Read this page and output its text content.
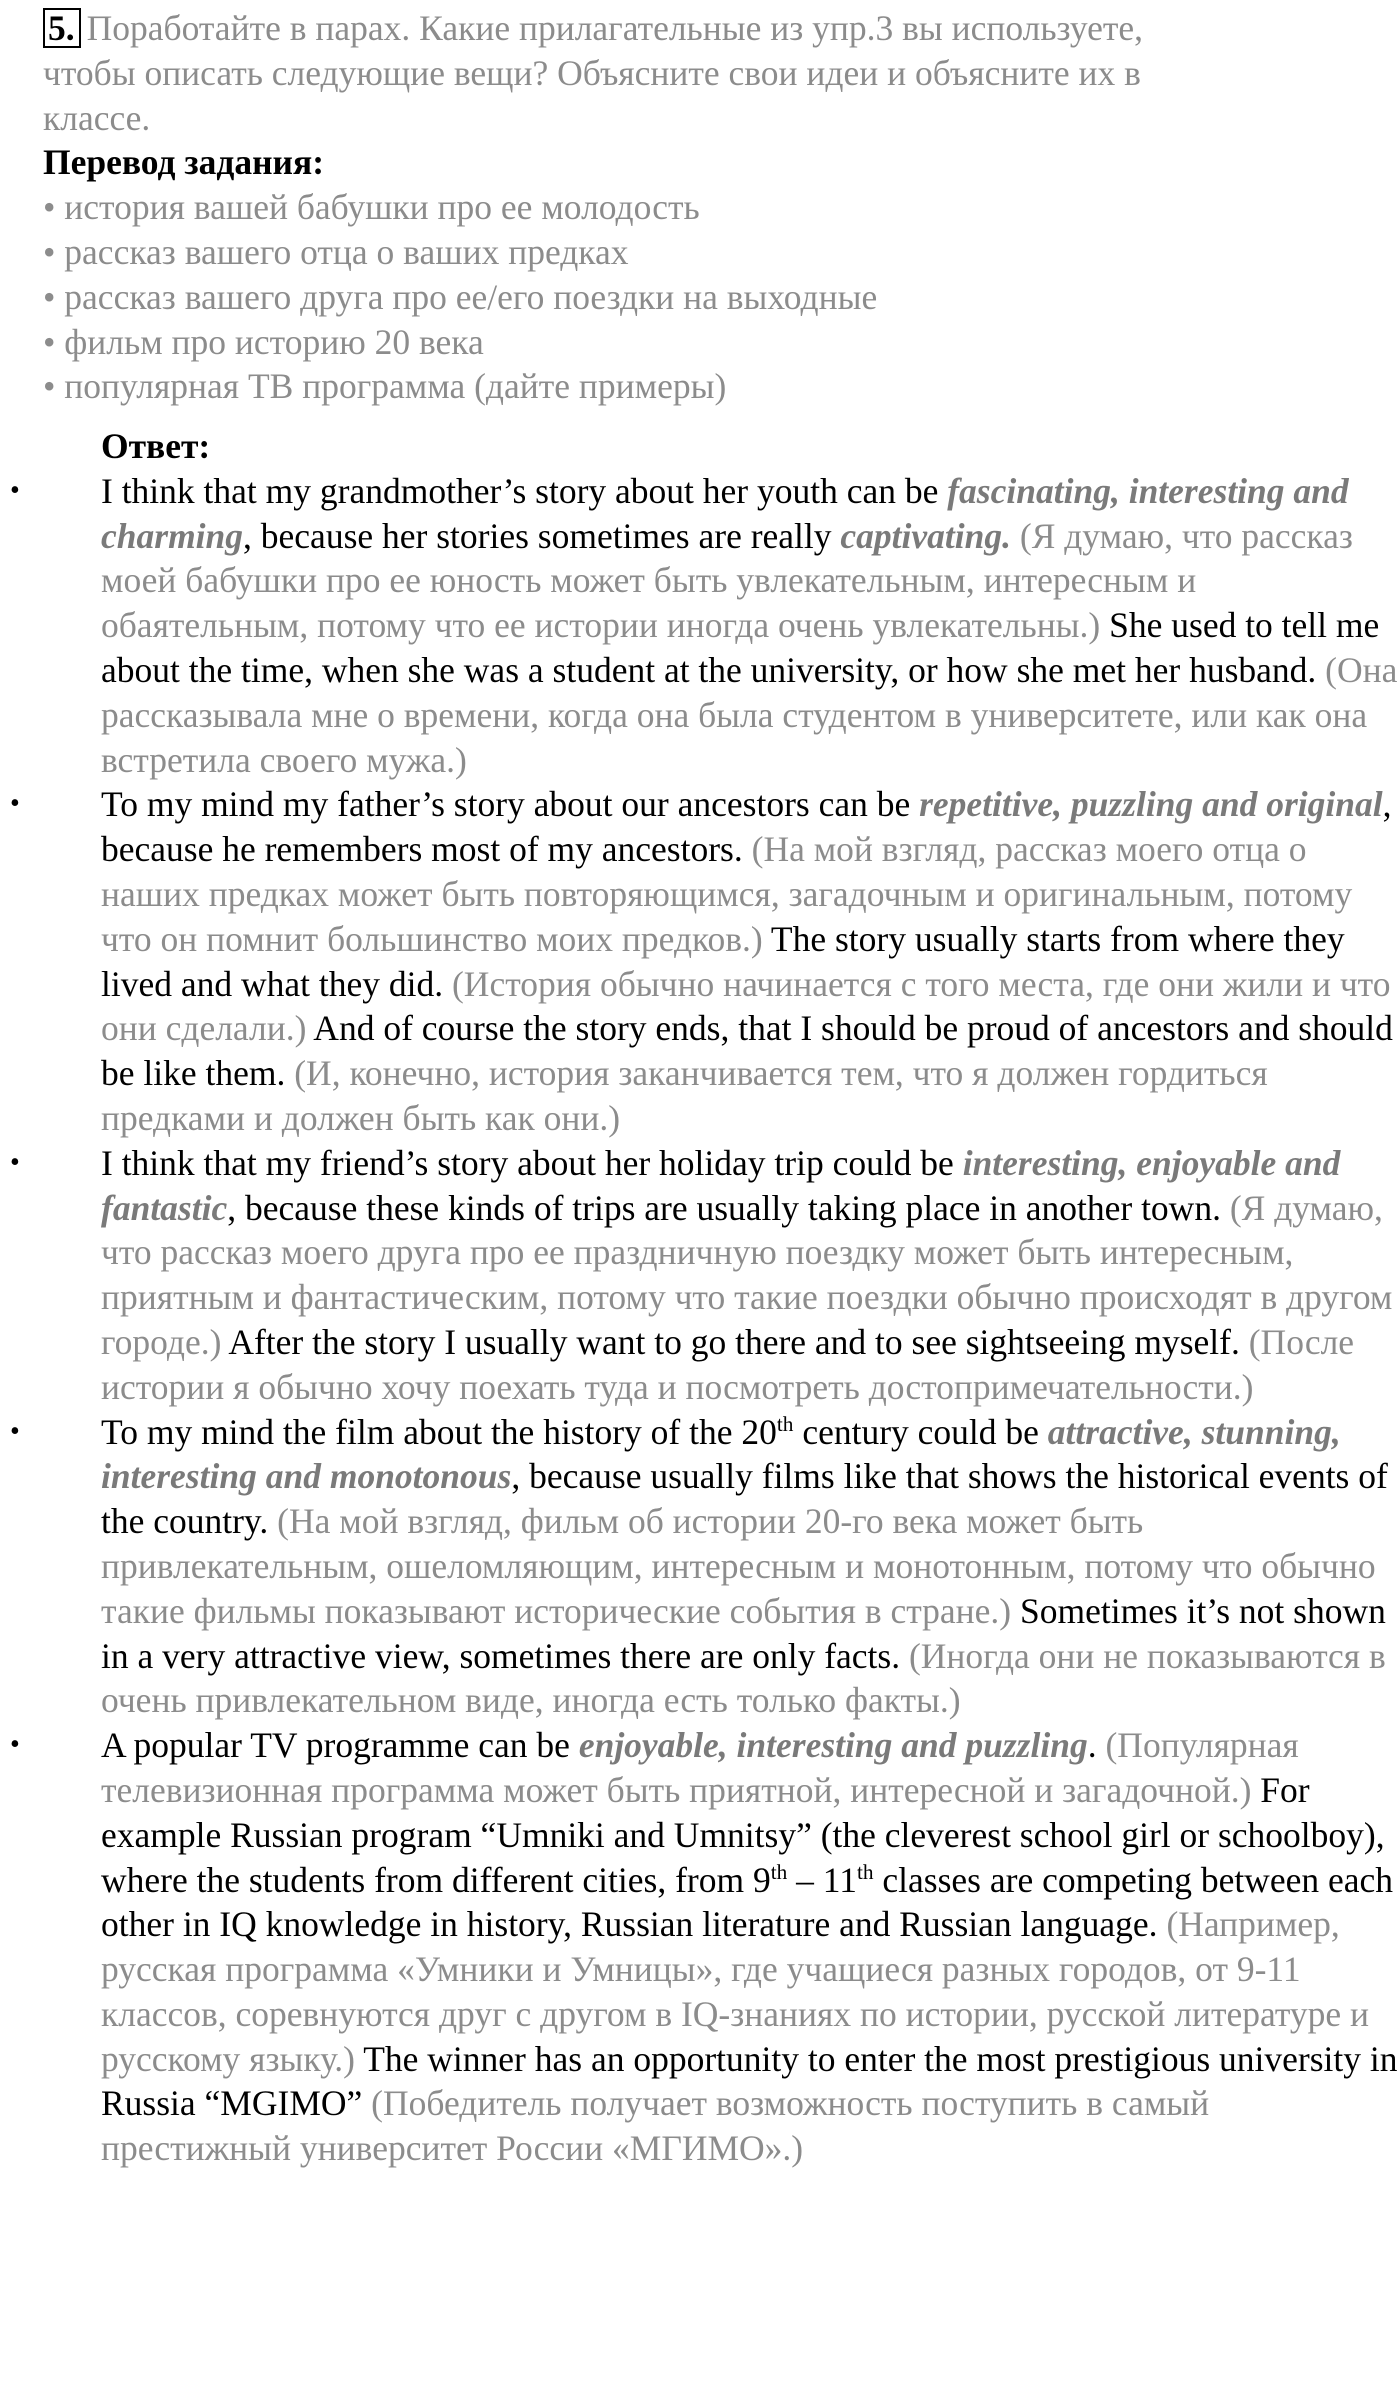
5. Поработайте в парах. Какие прилагательные из упр.3 вы используете,
чтобы описать следующие вещи? Объясните свои идеи и объясните их в
классе.
Перевод задания:
• история вашей бабушки про ее молодость
• рассказ вашего отца о ваших предках
• рассказ вашего друга про ее/его поездки на выходные
• фильм про историю 20 века
• популярная ТВ программа (дайте примеры)
Ответ:
• I think that my grandmother’s story about her youth can be fascinating, interesting and charming, because her stories sometimes are really captivating. (Я думаю, что рассказ моей бабушки про ее юность может быть увлекательным, интересным и обаятельным, потому что ее истории иногда очень увлекательны.) She used to tell me about the time, when she was a student at the university, or how she met her husband. (Она рассказывала мне о времени, когда она была студентом в университете, или как она встретила своего мужа.)
• To my mind my father’s story about our ancestors can be repetitive, puzzling and original, because he remembers most of my ancestors. (На мой взгляд, рассказ моего отца о наших предках может быть повторяющимся, загадочным и оригинальным, потому что он помнит большинство моих предков.) The story usually starts from where they lived and what they did. (История обычно начинается с того места, где они жили и что они сделали.) And of course the story ends, that I should be proud of ancestors and should be like them. (И, конечно, история заканчивается тем, что я должен гордиться предками и должен быть как они.)
• I think that my friend’s story about her holiday trip could be interesting, enjoyable and fantastic, because these kinds of trips are usually taking place in another town. (Я думаю, что рассказ моего друга про ее праздничную поездку может быть интересным, приятным и фантастическим, потому что такие поездки обычно происходят в другом городе.) After the story I usually want to go there and to see sightseeing myself. (После истории я обычно хочу поехать туда и посмотреть достопримечательности.)
• To my mind the film about the history of the 20th century could be attractive, stunning, interesting and monotonous, because usually films like that shows the historical events of the country. (На мой взгляд, фильм об истории 20-го века может быть привлекательным, ошеломляющим, интересным и монотонным, потому что обычно такие фильмы показывают исторические события в стране.) Sometimes it’s not shown in a very attractive view, sometimes there are only facts. (Иногда они не показываются в очень привлекательном виде, иногда есть только факты.)
• A popular TV programme can be enjoyable, interesting and puzzling. (Популярная телевизионная программа может быть приятной, интересной и загадочной.) For example Russian program “Umniki and Umnitsy” (the cleverest school girl or schoolboy), where the students from different cities, from 9th – 11th classes are competing between each other in IQ knowledge in history, Russian literature and Russian language. (Например, русская программа «Умники и Умницы», где учащиеся разных городов, от 9-11 классов, соревнуются друг с другом в IQ-знаниях по истории, русской литературе и русскому языку.) The winner has an opportunity to enter the most prestigious university in Russia “MGIMO” (Победитель получает возможность поступить в самый престижный университет России «МГИМО».)
